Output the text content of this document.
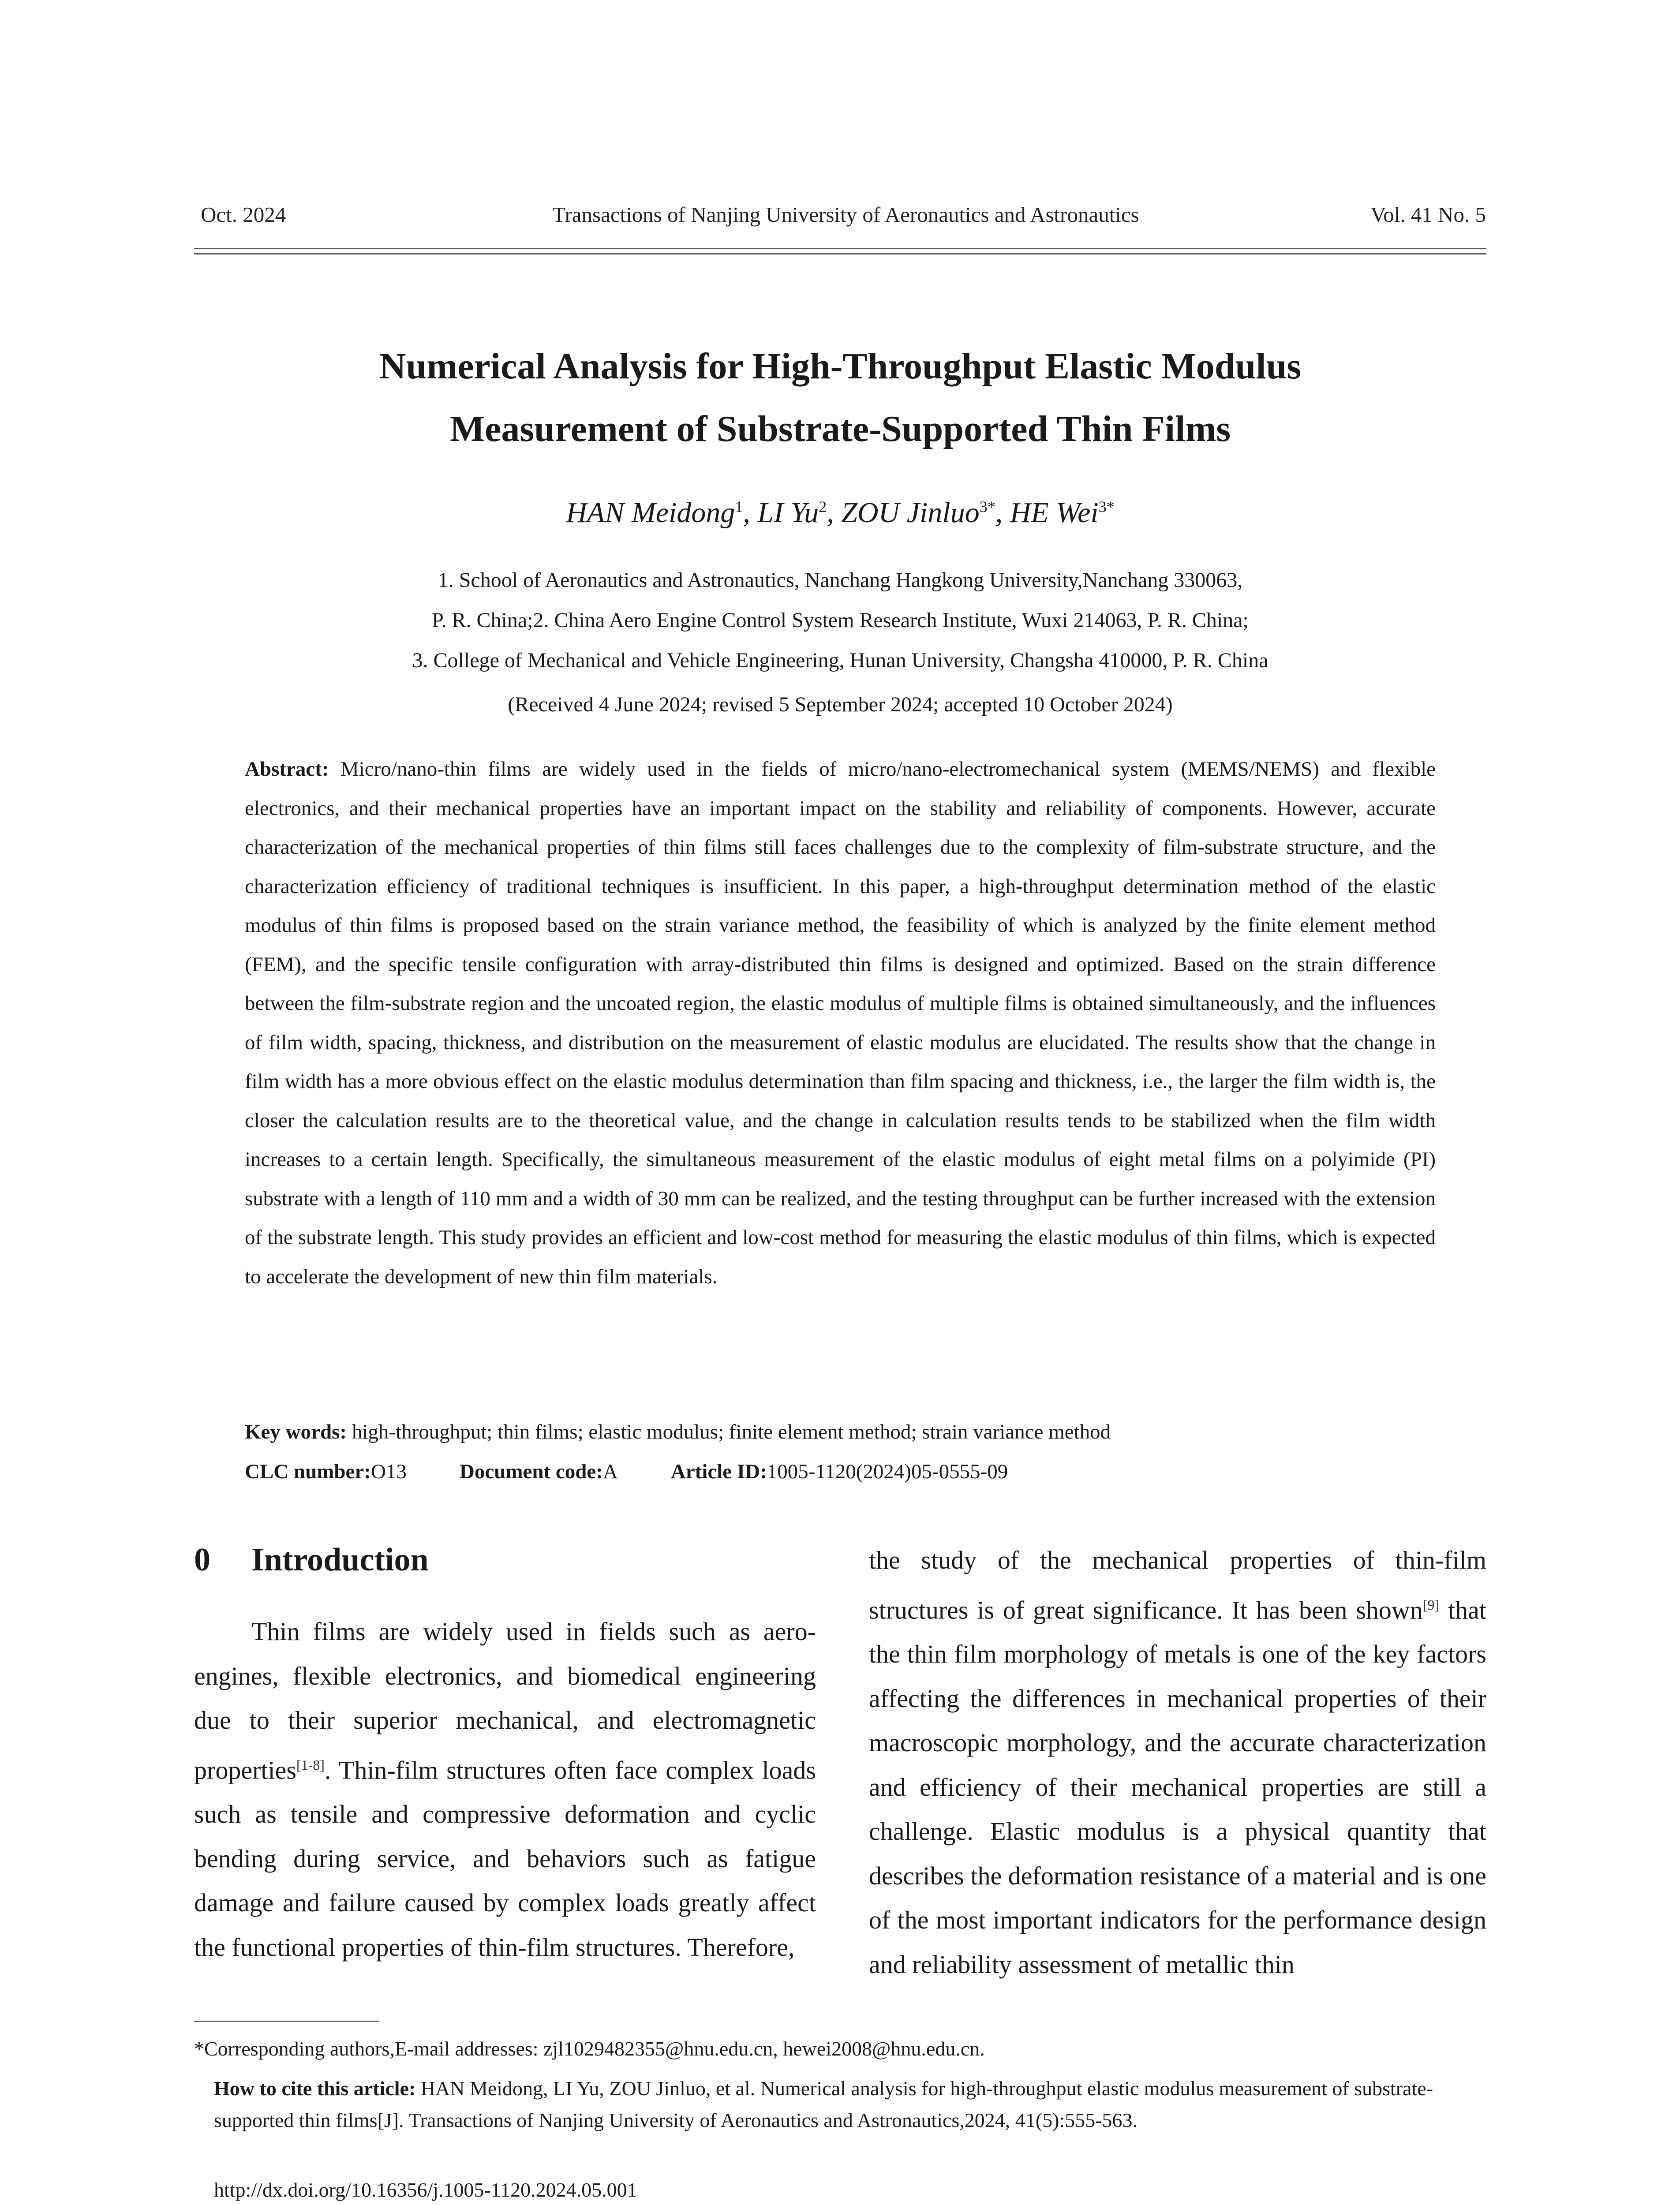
Oct. 2024	Transactions of Nanjing University of Aeronautics and Astronautics	Vol. 41 No. 5
Numerical Analysis for High-Throughput Elastic Modulus
Measurement of Substrate-Supported Thin Films
HAN Meidong$^1$, LI Yu$^2$, ZOU Jinluo$^{3*}$, HE Wei$^{3*}$
1. School of Aeronautics and Astronautics, Nanchang Hangkong University,Nanchang 330063,
P. R. China;2. China Aero Engine Control System Research Institute, Wuxi 214063, P. R. China;
3. College of Mechanical and Vehicle Engineering, Hunan University, Changsha 410000, P. R. China
(Received 4 June 2024; revised 5 September 2024; accepted 10 October 2024)
Abstract: Micro/nano-thin films are widely used in the fields of micro/nano-electromechanical system (MEMS/NEMS) and flexible electronics, and their mechanical properties have an important impact on the stability and reliability of components. However, accurate characterization of the mechanical properties of thin films still faces challenges due to the complexity of film-substrate structure, and the characterization efficiency of traditional techniques is insufficient. In this paper, a high-throughput determination method of the elastic modulus of thin films is proposed based on the strain variance method, the feasibility of which is analyzed by the finite element method (FEM), and the specific tensile configuration with array-distributed thin films is designed and optimized. Based on the strain difference between the film-substrate region and the uncoated region, the elastic modulus of multiple films is obtained simultaneously, and the influences of film width, spacing, thickness, and distribution on the measurement of elastic modulus are elucidated. The results show that the change in film width has a more obvious effect on the elastic modulus determination than film spacing and thickness, i.e., the larger the film width is, the closer the calculation results are to the theoretical value, and the change in calculation results tends to be stabilized when the film width increases to a certain length. Specifically, the simultaneous measurement of the elastic modulus of eight metal films on a polyimide (PI) substrate with a length of 110 mm and a width of 30 mm can be realized, and the testing throughput can be further increased with the extension of the substrate length. This study provides an efficient and low-cost method for measuring the elastic modulus of thin films, which is expected to accelerate the development of new thin film materials.
Key words: high-throughput; thin films; elastic modulus; finite element method; strain variance method
CLC number:O13	Document code:A	Article ID:1005-1120(2024)05-0555-09
0 Introduction
Thin films are widely used in fields such as aero-engines, flexible electronics, and biomedical engineering due to their superior mechanical, and electromagnetic properties[1-8]. Thin-film structures often face complex loads such as tensile and compressive deformation and cyclic bending during service, and behaviors such as fatigue damage and failure caused by complex loads greatly affect the functional properties of thin-film structures. Therefore,
the study of the mechanical properties of thin-film structures is of great significance. It has been shown[9] that the thin film morphology of metals is one of the key factors affecting the differences in mechanical properties of their macroscopic morphology, and the accurate characterization and efficiency of their mechanical properties are still a challenge. Elastic modulus is a physical quantity that describes the deformation resistance of a material and is one of the most important indicators for the performance design and reliability assessment of metallic thin
*Corresponding authors,E-mail addresses: zjl1029482355@hnu.edu.cn, hewei2008@hnu.edu.cn.
How to cite this article: HAN Meidong, LI Yu, ZOU Jinluo, et al. Numerical analysis for high-throughput elastic modulus measurement of substrate-supported thin films[J]. Transactions of Nanjing University of Aeronautics and Astronautics,2024, 41(5):555-563.
http://dx.doi.org/10.16356/j.1005-1120.2024.05.001
